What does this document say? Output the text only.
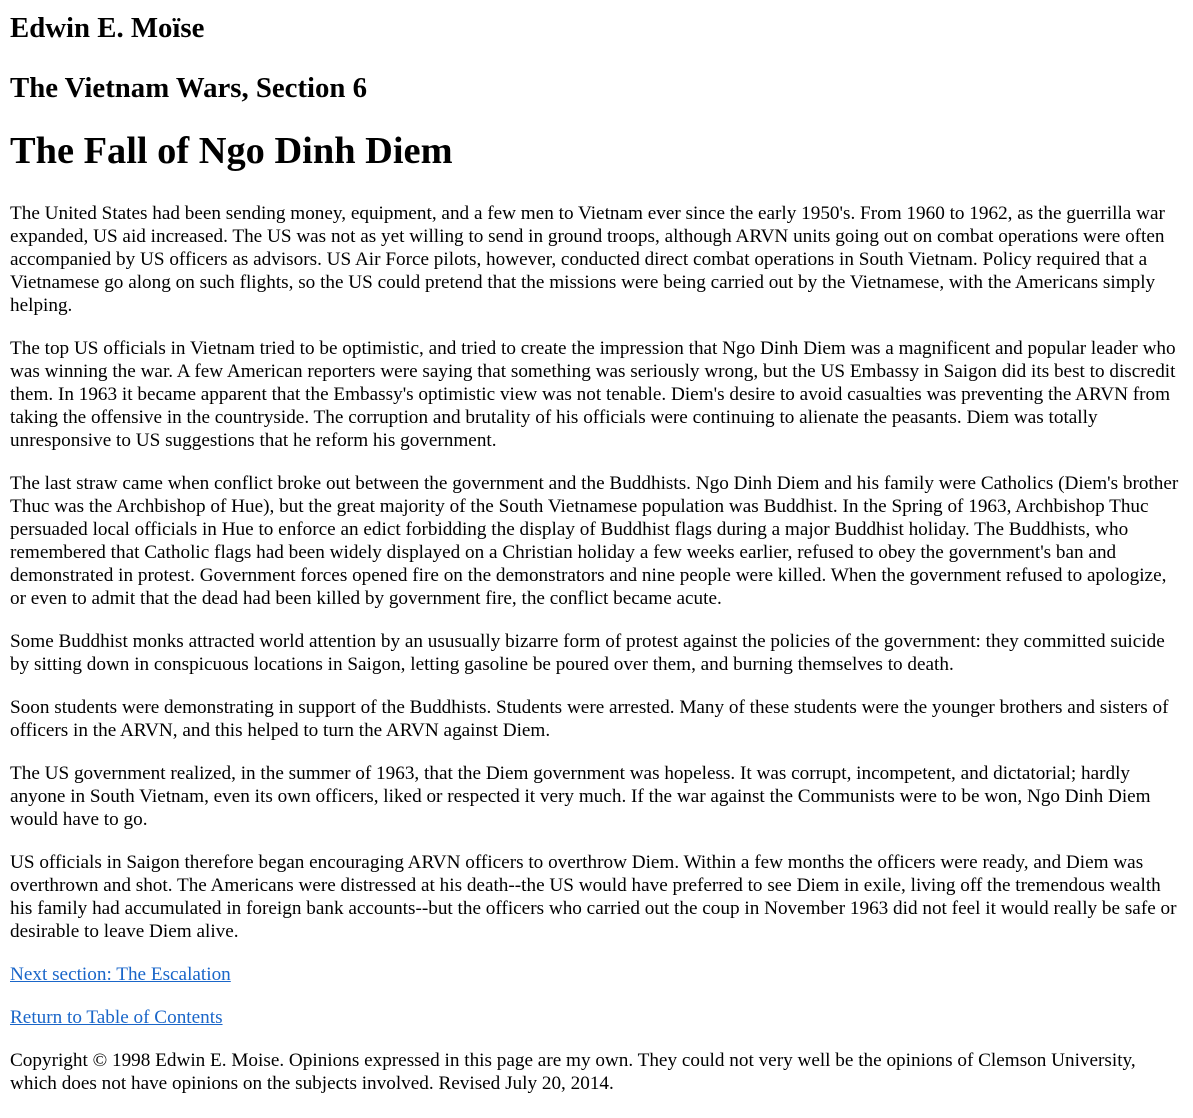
Edwin E. Moïse
The Vietnam Wars, Section 6
The Fall of Ngo Dinh Diem

The United States had been sending money, equipment, and a few men to Vietnam ever since the early 1950's. From 1960 to 1962, as the guerrilla war expanded, US aid increased. The US was not as yet willing to send in ground troops, although ARVN units going out on combat operations were often accompanied by US officers as advisors. US Air Force pilots, however, conducted direct combat operations in South Vietnam. Policy required that a Vietnamese go along on such flights, so the US could pretend that the missions were being carried out by the Vietnamese, with the Americans simply helping.

The top US officials in Vietnam tried to be optimistic, and tried to create the impression that Ngo Dinh Diem was a magnificent and popular leader who was winning the war. A few American reporters were saying that something was seriously wrong, but the US Embassy in Saigon did its best to discredit them. In 1963 it became apparent that the Embassy's optimistic view was not tenable. Diem's desire to avoid casualties was preventing the ARVN from taking the offensive in the countryside. The corruption and brutality of his officials were continuing to alienate the peasants. Diem was totally unresponsive to US suggestions that he reform his government.

The last straw came when conflict broke out between the government and the Buddhists. Ngo Dinh Diem and his family were Catholics (Diem's brother Thuc was the Archbishop of Hue), but the great majority of the South Vietnamese population was Buddhist. In the Spring of 1963, Archbishop Thuc persuaded local officials in Hue to enforce an edict forbidding the display of Buddhist flags during a major Buddhist holiday. The Buddhists, who remembered that Catholic flags had been widely displayed on a Christian holiday a few weeks earlier, refused to obey the government's ban and demonstrated in protest. Government forces opened fire on the demonstrators and nine people were killed. When the government refused to apologize, or even to admit that the dead had been killed by government fire, the conflict became acute.

Some Buddhist monks attracted world attention by an ususually bizarre form of protest against the policies of the government: they committed suicide by sitting down in conspicuous locations in Saigon, letting gasoline be poured over them, and burning themselves to death.

Soon students were demonstrating in support of the Buddhists. Students were arrested. Many of these students were the younger brothers and sisters of officers in the ARVN, and this helped to turn the ARVN against Diem.

The US government realized, in the summer of 1963, that the Diem government was hopeless. It was corrupt, incompetent, and dictatorial; hardly anyone in South Vietnam, even its own officers, liked or respected it very much. If the war against the Communists were to be won, Ngo Dinh Diem would have to go.

US officials in Saigon therefore began encouraging ARVN officers to overthrow Diem. Within a few months the officers were ready, and Diem was overthrown and shot. The Americans were distressed at his death--the US would have preferred to see Diem in exile, living off the tremendous wealth his family had accumulated in foreign bank accounts--but the officers who carried out the coup in November 1963 did not feel it would really be safe or desirable to leave Diem alive.

Next section: The Escalation

Return to Table of Contents

Copyright © 1998 Edwin E. Moise. Opinions expressed in this page are my own. They could not very well be the opinions of Clemson University, which does not have opinions on the subjects involved. Revised July 20, 2014.
